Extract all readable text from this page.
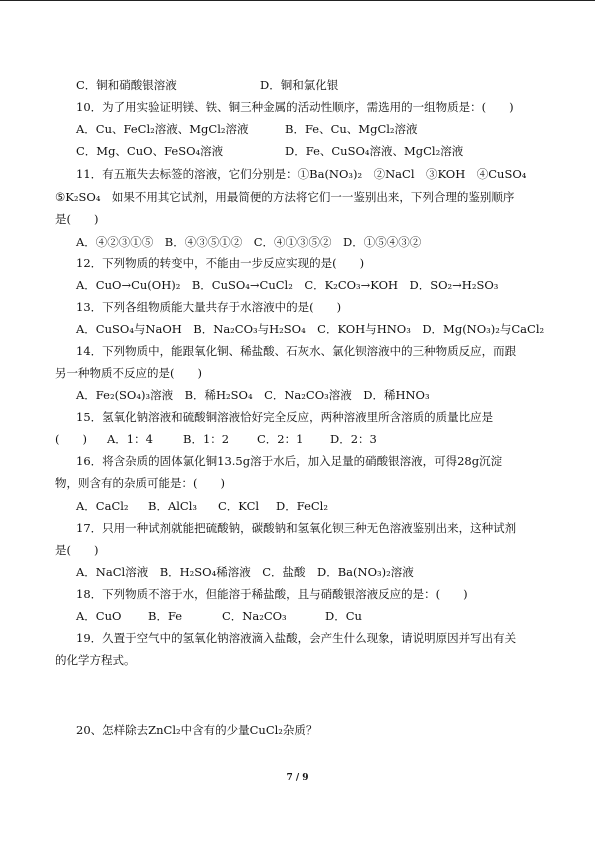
C．铜和硝酸银溶液	D．铜和氯化银
10．为了用实验证明镁、铁、铜三种金属的活动性顺序，需选用的一组物质是：(　　)
A．Cu、FeCl₂溶液、MgCl₂溶液	B．Fe、Cu、MgCl₂溶液
C．Mg、CuO、FeSO₄溶液	D．Fe、CuSO₄溶液、MgCl₂溶液
11．有五瓶失去标签的溶液，它们分别是：①Ba(NO₃)₂　②NaCl　③KOH　④CuSO₄
⑤K₂SO₄　如果不用其它试剂，用最简便的方法将它们一一鉴别出来，下列合理的鉴别顺序
是(　　)
A．④②③①⑤　B．④③⑤①②　C．④①③⑤②　D．①⑤④③②
12．下列物质的转变中，不能由一步反应实现的是(　　)
A．CuO→Cu(OH)₂　B．CuSO₄→CuCl₂　C．K₂CO₃→KOH　D．SO₂→H₂SO₃
13．下列各组物质能大量共存于水溶液中的是(　　)
A．CuSO₄与NaOH　B．Na₂CO₃与H₂SO₄　C．KOH与HNO₃　D．Mg(NO₃)₂与CaCl₂
14．下列物质中，能跟氧化铜、稀盐酸、石灰水、氯化钡溶液中的三种物质反应，而跟
另一种物质不反应的是(　　)
A．Fe₂(SO₄)₃溶液　B．稀H₂SO₄　C．Na₂CO₃溶液　D．稀HNO₃
15．氢氧化钠溶液和硫酸铜溶液恰好完全反应，两种溶液里所含溶质的质量比应是
(　　) A．1：4	B．1：2 C．2：1 D．2：3
16．将含杂质的固体氯化铜13.5g溶于水后，加入足量的硝酸银溶液，可得28g沉淀
物，则含有的杂质可能是：(　　)
A．CaCl₂ B．AlCl₃ C．KCl D．FeCl₂
17．只用一种试剂就能把硫酸钠，碳酸钠和氢氧化钡三种无色溶液鉴别出来，这种试剂
是(　　)
A．NaCl溶液　B．H₂SO₄稀溶液　C．盐酸　D．Ba(NO₃)₂溶液
18．下列物质不溶于水，但能溶于稀盐酸，且与硝酸银溶液反应的是：(　　)
A．CuO B．Fe	C．Na₂CO₃	D．Cu
19．久置于空气中的氢氧化钠溶液滴入盐酸，会产生什么现象，请说明原因并写出有关
的化学方程式。
20、怎样除去ZnCl₂中含有的少量CuCl₂杂质？
7 / 9
